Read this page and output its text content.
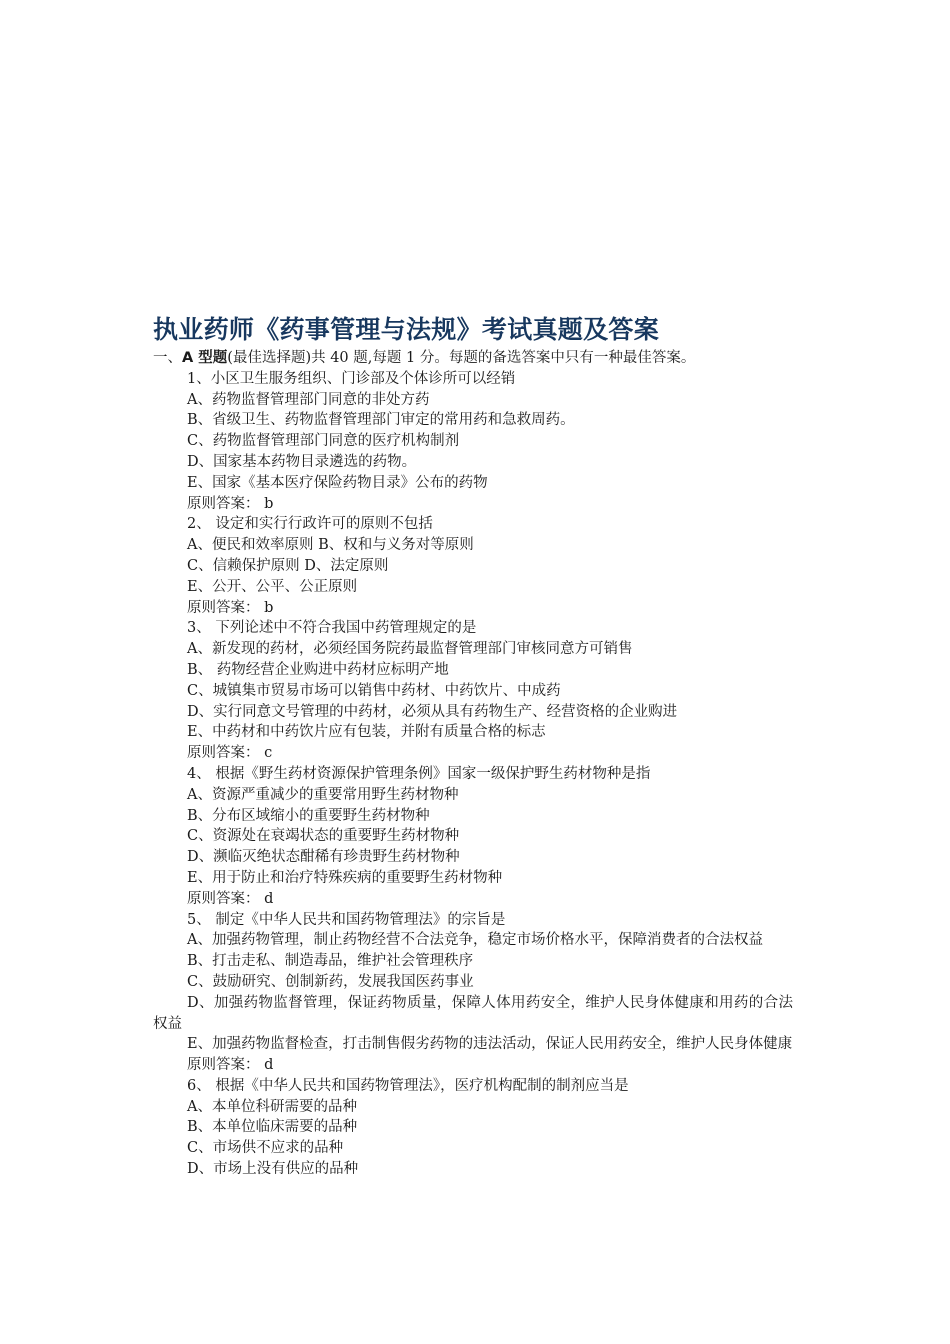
执业药师《药事管理与法规》考试真题及答案
一、A 型题(最佳选择题)共 40 题,每题 1 分。每题的备选答案中只有一种最佳答案。
1、小区卫生服务组织、门诊部及个体诊所可以经销
A、药物监督管理部门同意的非处方药
B、省级卫生、药物监督管理部门审定的常用药和急救周药。
C、药物监督管理部门同意的医疗机构制剂
D、国家基本药物目录遴选的药物。
E、国家《基本医疗保险药物目录》公布的药物
原则答案： b
2、 设定和实行行政许可的原则不包括
A、便民和效率原则 B、权和与义务对等原则
C、信赖保护原则 D、法定原则
E、公开、公平、公正原则
原则答案： b
3、 下列论述中不符合我国中药管理规定的是
A、新发现的药材，必须经国务院药最监督管理部门审核同意方可销售
B、 药物经营企业购进中药材应标明产地
C、城镇集市贸易市场可以销售中药材、中药饮片、中成药
D、实行同意文号管理的中药材，必须从具有药物生产、经营资格的企业购进
E、中药材和中药饮片应有包装，并附有质量合格的标志
原则答案： c
4、 根据《野生药材资源保护管理条例》国家一级保护野生药材物种是指
A、资源严重减少的重要常用野生药材物种
B、分布区域缩小的重要野生药材物种
C、资源处在衰竭状态的重要野生药材物种
D、濒临灭绝状态酣稀有珍贵野生药材物种
E、用于防止和治疗特殊疾病的重要野生药材物种
原则答案： d
5、 制定《中华人民共和国药物管理法》的宗旨是
A、加强药物管理，制止药物经营不合法竞争，稳定市场价格水平，保障消费者的合法权益
B、打击走私、制造毒品，维护社会管理秩序
C、鼓励研究、创制新药，发展我国医药事业
D、加强药物监督管理，保证药物质量，保障人体用药安全，维护人民身体健康和用药的合法权益
E、加强药物监督检查，打击制售假劣药物的违法活动，保证人民用药安全，维护人民身体健康
原则答案： d
6、 根据《中华人民共和国药物管理法》，医疗机构配制的制剂应当是
A、本单位科研需要的品种
B、本单位临床需要的品种
C、市场供不应求的品种
D、市场上没有供应的品种
